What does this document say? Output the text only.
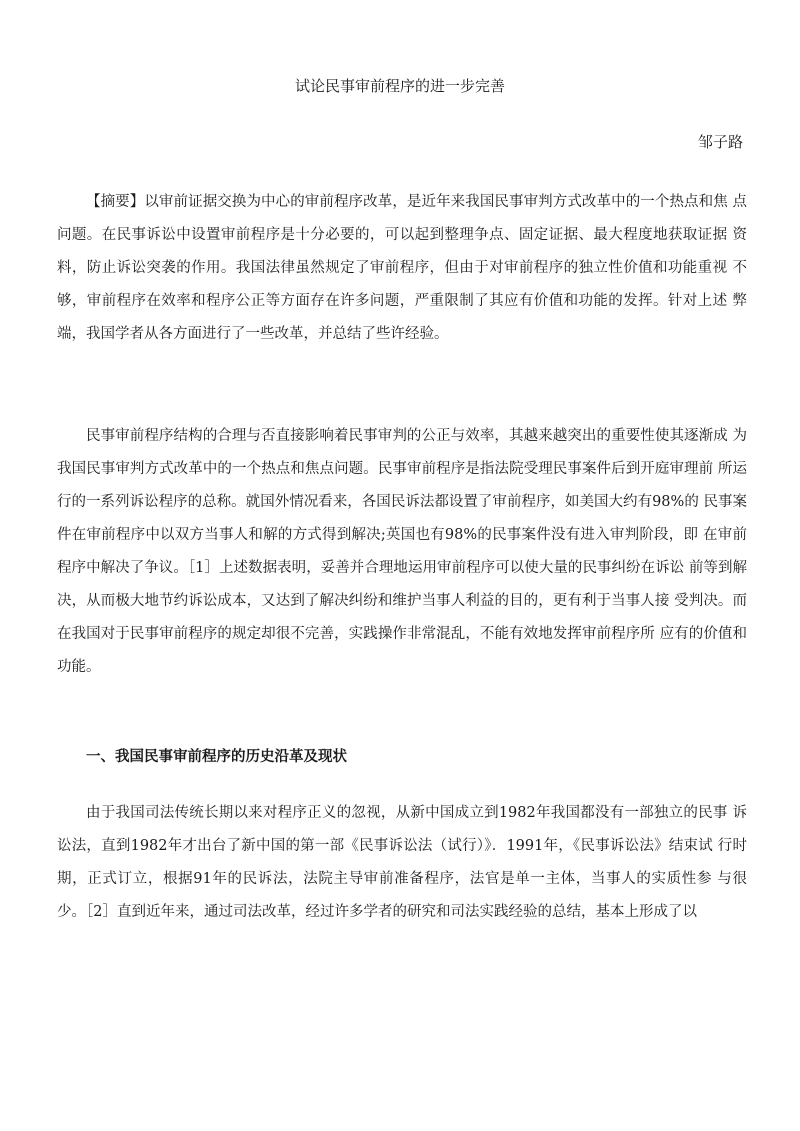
试论民事审前程序的进一步完善
邹子路

【摘要】以审前证据交换为中心的审前程序改革，是近年来我国民事审判方式改革中的一个热点和焦 点问题。在民事诉讼中设置审前程序是十分必要的，可以起到整理争点、固定证据、最大程度地获取证据 资料，防止诉讼突袭的作用。我国法律虽然规定了审前程序，但由于对审前程序的独立性价值和功能重视 不够，审前程序在效率和程序公正等方面存在许多问题，严重限制了其应有价值和功能的发挥。针对上述 弊端，我国学者从各方面进行了一些改革，并总结了些许经验。

民事审前程序结构的合理与否直接影响着民事审判的公正与效率，其越来越突出的重要性使其逐渐成 为我国民事审判方式改革中的一个热点和焦点问题。民事审前程序是指法院受理民事案件后到开庭审理前 所运行的一系列诉讼程序的总称。就国外情况看来，各国民诉法都设置了审前程序，如美国大约有98%的 民事案件在审前程序中以双方当事人和解的方式得到解决;英国也有98%的民事案件没有进入审判阶段，即 在审前程序中解决了争议。［1］上述数据表明，妥善并合理地运用审前程序可以使大量的民事纠纷在诉讼 前等到解决，从而极大地节约诉讼成本，又达到了解决纠纷和维护当事人利益的目的，更有利于当事人接 受判决。而在我国对于民事审前程序的规定却很不完善，实践操作非常混乱，不能有效地发挥审前程序所 应有的价值和功能。

一、我国民事审前程序的历史沿革及现状

由于我国司法传统长期以来对程序正义的忽视，从新中国成立到1982年我国都没有一部独立的民事 诉讼法，直到1982年才出台了新中国的第一部《民事诉讼法（试行）》．1991年，《民事诉讼法》结束试 行时期，正式订立，根据91年的民诉法，法院主导审前准备程序，法官是单一主体，当事人的实质性参 与很少。［2］直到近年来，通过司法改革，经过许多学者的研究和司法实践经验的总结，基本上形成了以
